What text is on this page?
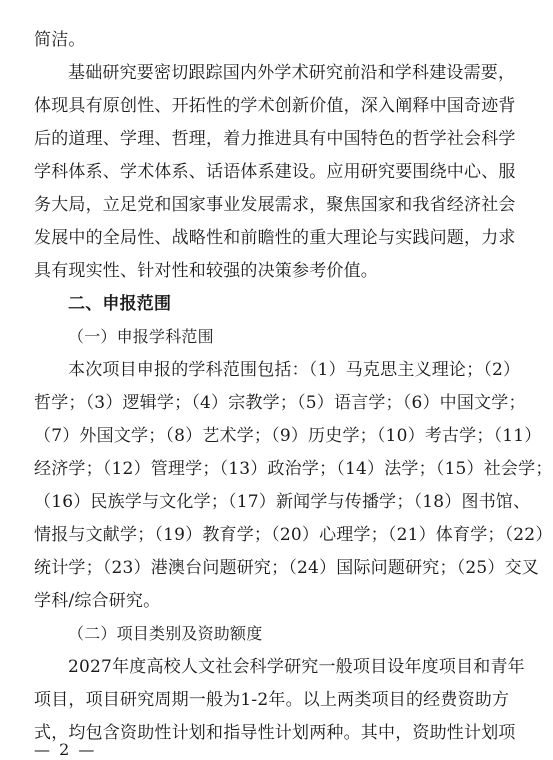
简洁。
基础研究要密切跟踪国内外学术研究前沿和学科建设需要，
体现具有原创性、开拓性的学术创新价值，深入阐释中国奇迹背
后的道理、学理、哲理，着力推进具有中国特色的哲学社会科学
学科体系、学术体系、话语体系建设。应用研究要围绕中心、服
务大局，立足党和国家事业发展需求，聚焦国家和我省经济社会
发展中的全局性、战略性和前瞻性的重大理论与实践问题，力求
具有现实性、针对性和较强的决策参考价值。
二、申报范围
（一）申报学科范围
本次项目申报的学科范围包括：（1）马克思主义理论；（2）
哲学；（3）逻辑学；（4）宗教学；（5）语言学；（6）中国文学；
（7）外国文学；（8）艺术学；（9）历史学；（10）考古学；（11）
经济学；（12）管理学；（13）政治学；（14）法学；（15）社会学；
（16）民族学与文化学；（17）新闻学与传播学；（18）图书馆、
情报与文献学；（19）教育学；（20）心理学；（21）体育学；（22）
统计学；（23）港澳台问题研究；（24）国际问题研究；（25）交叉
学科/综合研究。
（二）项目类别及资助额度
2027年度高校人文社会科学研究一般项目设年度项目和青年
项目，项目研究周期一般为1-2年。以上两类项目的经费资助方
式，均包含资助性计划和指导性计划两种。其中，资助性计划项
— 2 —
